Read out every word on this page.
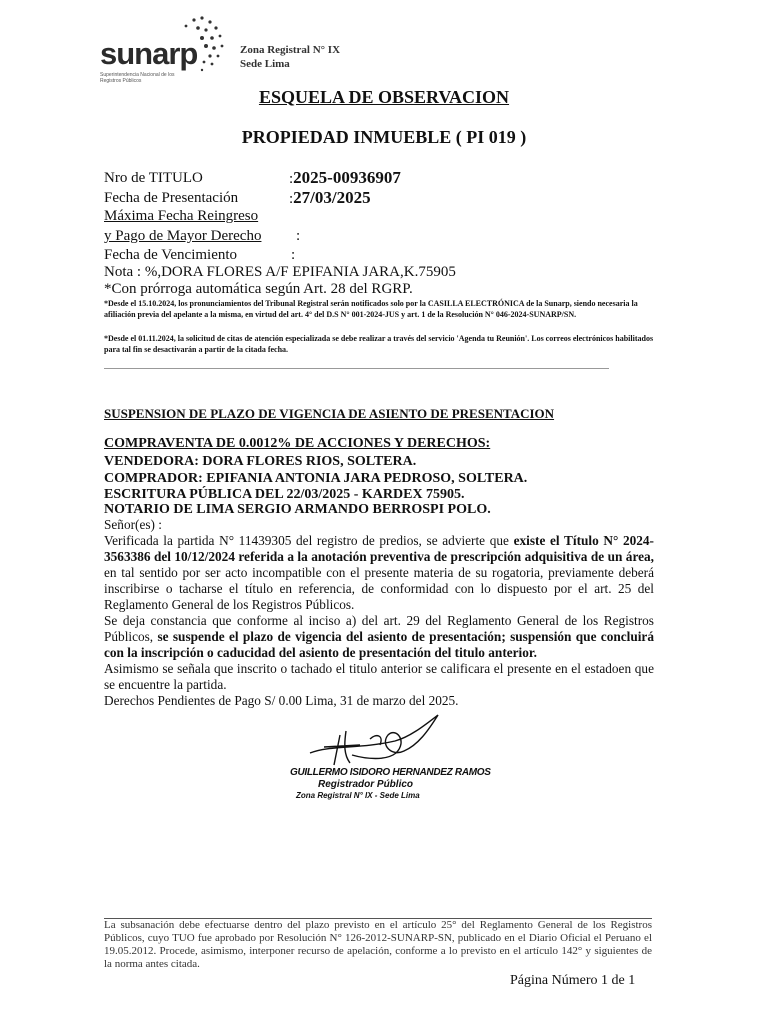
sunarp
Superintendencia Nacional de los Registros Públicos
Zona Registral N° IX
Sede Lima
ESQUELA DE OBSERVACION
PROPIEDAD INMUEBLE ( PI 019 )
Nro de TITULO	:2025-00936907
Fecha de Presentación	:27/03/2025
Máxima Fecha Reingreso
y Pago de Mayor Derecho :
Fecha de Vencimiento	:
Nota : %,DORA FLORES A/F EPIFANIA JARA,K.75905
*Con prórroga automática según Art. 28 del RGRP.
*Desde el 15.10.2024, los pronunciamientos del Tribunal Registral serán notificados solo por la CASILLA ELECTRÓNICA de la Sunarp, siendo necesaria la afiliación previa del apelante a la misma, en virtud del art. 4° del D.S N° 001-2024-JUS y art. 1 de la Resolución N° 046-2024-SUNARP/SN.
*Desde el 01.11.2024, la solicitud de citas de atención especializada se debe realizar a través del servicio 'Agenda tu Reunión'. Los correos electrónicos habilitados para tal fin se desactivarán a partir de la citada fecha.
SUSPENSION DE PLAZO DE VIGENCIA DE ASIENTO DE PRESENTACION
COMPRAVENTA DE 0.0012% DE ACCIONES Y DERECHOS:
VENDEDORA: DORA FLORES RIOS, SOLTERA.
COMPRADOR: EPIFANIA ANTONIA JARA PEDROSO, SOLTERA.
ESCRITURA PÚBLICA DEL 22/03/2025 - KARDEX 75905.
NOTARIO DE LIMA SERGIO ARMANDO BERROSPI POLO.

Señor(es) :

Verificada la partida N° 11439305 del registro de predios, se advierte que existe el Título N° 2024-3563386 del 10/12/2024 referida a la anotación preventiva de prescripción adquisitiva de un área, en tal sentido por ser acto incompatible con el presente materia de su rogatoria, previamente deberá inscribirse o tacharse el título en referencia, de conformidad con lo dispuesto por el art. 25 del Reglamento General de los Registros Públicos.

Se deja constancia que conforme al inciso a) del art. 29 del Reglamento General de los Registros Públicos, se suspende el plazo de vigencia del asiento de presentación; suspensión que concluirá con la inscripción o caducidad del asiento de presentación del titulo anterior.

Asimismo se señala que inscrito o tachado el titulo anterior se calificara el presente en el estadoen que se encuentre la partida.

Derechos Pendientes de Pago S/ 0.00 Lima, 31 de marzo del 2025.

GUILLERMO ISIDORO HERNANDEZ RAMOS
Registrador Público
Zona Registral N° IX - Sede Lima
La subsanación debe efectuarse dentro del plazo previsto en el artículo 25° del Reglamento General de los Registros Públicos, cuyo TUO fue aprobado por Resolución N° 126-2012-SUNARP-SN, publicado en el Diario Oficial el Peruano el 19.05.2012. Procede, asimismo, interponer recurso de apelación, conforme a lo previsto en el artículo 142° y siguientes de la norma antes citada.
Página Número 1 de 1
